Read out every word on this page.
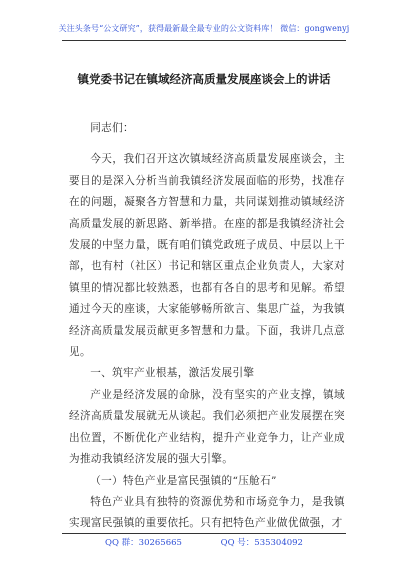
关注头条号“公文研究”，获得最新最全最专业的公文资料库！ 微信：gongwenyj
镇党委书记在镇域经济高质量发展座谈会上的讲话

同志们：

今天，我们召开这次镇域经济高质量发展座谈会，主要目的是深入分析当前我镇经济发展面临的形势，找准存在的问题，凝聚各方智慧和力量，共同谋划推动镇域经济高质量发展的新思路、新举措。在座的都是我镇经济社会发展的中坚力量，既有咱们镇党政班子成员、中层以上干部，也有村（社区）书记和辖区重点企业负责人，大家对镇里的情况都比较熟悉，也都有各自的思考和见解。希望通过今天的座谈，大家能够畅所欲言、集思广益，为我镇经济高质量发展贡献更多智慧和力量。下面，我讲几点意见。

一、筑牢产业根基，激活发展引擎

产业是经济发展的命脉，没有坚实的产业支撑，镇域经济高质量发展就无从谈起。我们必须把产业发展摆在突出位置，不断优化产业结构，提升产业竞争力，让产业成为推动我镇经济发展的强大引擎。

（一）特色产业是富民强镇的“压舱石”

特色产业具有独特的资源优势和市场竞争力，是我镇实现富民强镇的重要依托。只有把特色产业做优做强，才

QQ 群：30265665	QQ 号：535304092
